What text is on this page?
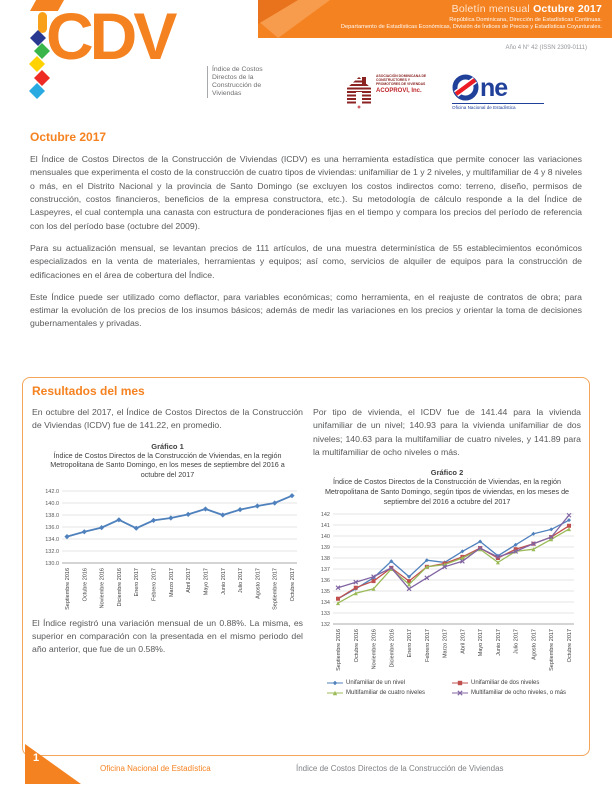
Boletín mensual Octubre 2017
República Dominicana, Dirección de Estadísticas Continuas.
Departamento de Estadísticas Económicas, División de Índices de Precios y Estadísticas Coyunturales.
Año 4 N° 42 (ISSN 2309-0111)
CDV	Índice de Costos
Directos de la
Construcción de
Viviendas
ASOCIACIÓN DOMINICANA DE CONSTRUCTORES Y PROMOTORES DE VIVIENDAS
ACOPROVI, Inc.	ne
Oficina Nacional de Estadística
Octubre 2017

El Índice de Costos Directos de la Construcción de Viviendas (ICDV) es una herramienta estadística que permite conocer las variaciones mensuales que experimenta el costo de la construcción de cuatro tipos de viviendas: unifamiliar de 1 y 2 niveles, y multifamiliar de 4 y 8 niveles o más, en el Distrito Nacional y la provincia de Santo Domingo (se excluyen los costos indirectos como: terreno, diseño, permisos de construcción, costos financieros, beneficios de la empresa constructora, etc.). Su metodología de cálculo responde a la del Índice de Laspeyres, el cual contempla una canasta con estructura de ponderaciones fijas en el tiempo y compara los precios del período de referencia con los del período base (octubre del 2009).

Para su actualización mensual, se levantan precios de 111 artículos, de una muestra determinística de 55 establecimientos económicos especializados en la venta de materiales, herramientas y equipos; así como, servicios de alquiler de equipos para la construcción de edificaciones en el área de cobertura del Índice.

Este Índice puede ser utilizado como deflactor, para variables económicas; como herramienta, en el reajuste de contratos de obra; para estimar la evolución de los precios de los insumos básicos; además de medir las variaciones en los precios y orientar la toma de decisiones gubernamentales y privadas.

Resultados del mes

En octubre del 2017, el Índice de Costos Directos de la Construcción de Viviendas (ICDV) fue de 141.22, en promedio.

Gráfico 1
Índice de Costos Directos de la Construcción de Viviendas, en la región Metropolitana de Santo Domingo, en los meses de septiembre del 2016 a octubre del 2017
130.0
132.0
134.0
136.0
138.0
140.0
142.0
Septiembre 2016 Octubre 2016 Noviembre 2016 Diciembre 2016 Enero 2017 Febrero 2017 Marzo 2017 Abril 2017 Mayo 2017 Junio 2017 Julio 2017 Agosto 2017 Septiembre 2017 Octubre 2017

El Índice registró una variación mensual de un 0.88%. La misma, es superior en comparación con la presentada en el mismo periodo del año anterior, que fue de un 0.58%.

Por tipo de vivienda, el ICDV fue de 141.44 para la vivienda unifamiliar de un nivel; 140.93 para la vivienda unifamiliar de dos niveles; 140.63 para la multifamiliar de cuatro niveles, y 141.89 para la multifamiliar de ocho niveles o más.

Gráfico 2
Índice de Costos Directos de la Construcción de Viviendas, en la región Metropolitana de Santo Domingo, según tipos de viviendas, en los meses de septiembre del 2016 a octubre del 2017
132
133
134
135
136
137
138
139
140
141
142
Septiembre 2016 Octubre 2016 Noviembre 2016 Diciembre 2016 Enero 2017 Febrero 2017 Marzo 2017 Abril 2017 Mayo 2017 Junio 2017 Julio 2017 Agosto 2017 Septiembre 2017 Octubre 2017
Unifamiliar de un nivel	Unifamiliar de dos niveles
Multifamiliar de cuatro niveles	Multifamiliar de ocho niveles, o más
1
Oficina Nacional de Estadística	Índice de Costos Directos de la Construcción de Viviendas
